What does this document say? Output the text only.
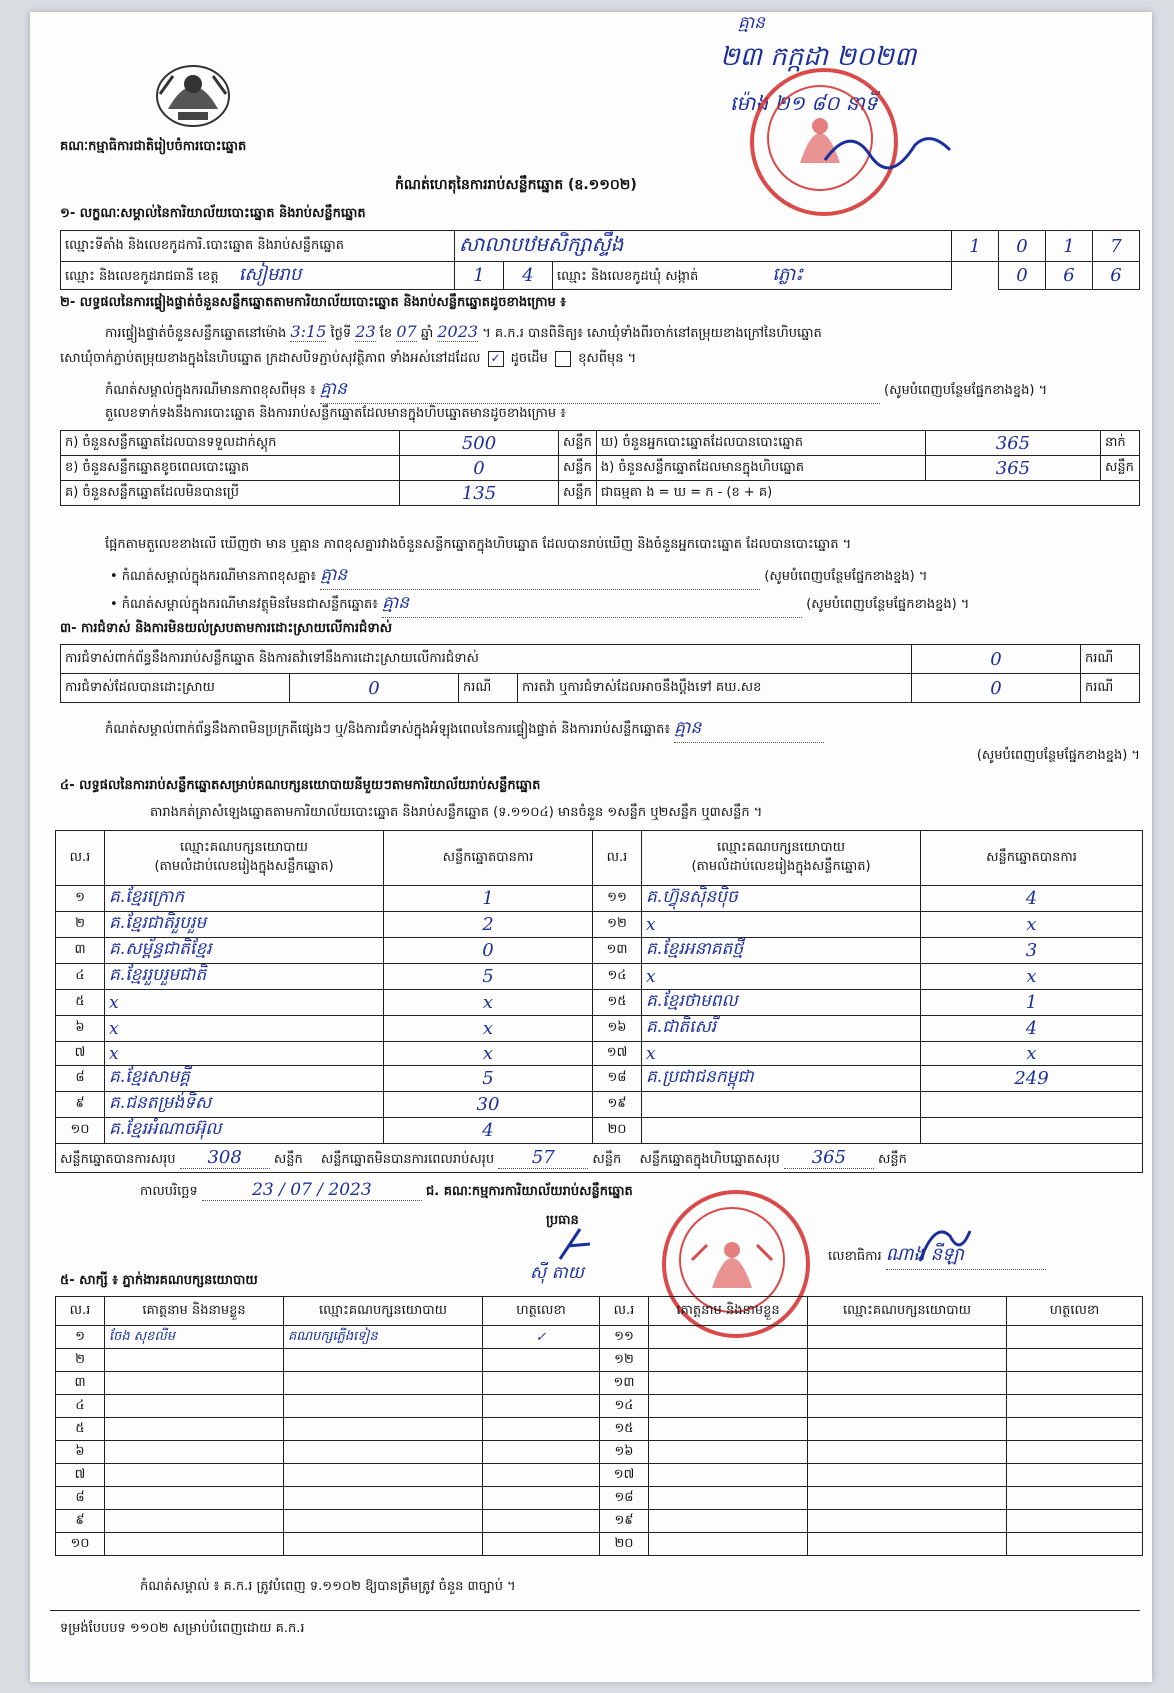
គណៈកម្មាធិការជាតិរៀបចំការបោះឆ្នោត
គ្មាន
២៣ កក្កដា ២០២៣
ម៉ោង ២១ ៨០ នាទី
កំណត់ហេតុនៃការរាប់សន្លឹកឆ្នោត (ឧ.១១០២)
១- លក្ខណៈសម្គាល់នៃការិយាល័យបោះឆ្នោត និងរាប់សន្លឹកឆ្នោត
ឈ្មោះទីតាំង និងលេខកូដការិ.បោះឆ្នោត និងរាប់សន្លឹកឆ្នោត	សាលាបឋមសិក្សាស្ទឹង			1	0	1	7
ឈ្មោះ និងលេខកូដរាជធានី ខេត្ត សៀមរាប	1	4	ឈ្មោះ និងលេខកូដឃុំ សង្កាត់ ភ្លោះ		0	6	6
២- លទ្ធផលនៃការផ្ទៀងផ្ទាត់ចំនួនសន្លឹកឆ្នោតតាមការិយាល័យបោះឆ្នោត និងរាប់សន្លឹកឆ្នោតដូចខាងក្រោម ៖
ការផ្ទៀងផ្ទាត់ចំនួនសន្លឹកឆ្នោតនៅម៉ោង 3:15 ថ្ងៃទី 23 ខែ 07 ឆ្នាំ 2023 ។ គ.ក.រ បានពិនិត្យ៖ សោឃុំទាំងពីរចាក់នៅតម្រុយខាងក្រៅនៃហិបឆ្នោត
សោឃុំចាក់ភ្ជាប់តម្រុយខាងក្នុងនៃហិបឆ្នោត ក្រដាសបិទភ្ជាប់សុវត្ថិភាព ទាំងអស់នៅដដែល ✓ ដូចដើម ខុសពីមុន ។
កំណត់សម្គាល់ក្នុងករណីមានភាពខុសពីមុន ៖ គ្មាន	(សូមបំពេញបន្ថែមផ្នែកខាងខ្នង) ។
តួលេខទាក់ទងនឹងការបោះឆ្នោត និងការរាប់សន្លឹកឆ្នោតដែលមានក្នុងហិបឆ្នោតមានដូចខាងក្រោម ៖
ក) ចំនួនសន្លឹកឆ្នោតដែលបានទទួលដាក់ស្តុក	500	សន្លឹក	ឃ) ចំនួនអ្នកបោះឆ្នោតដែលបានបោះឆ្នោត	365	នាក់
ខ) ចំនួនសន្លឹកឆ្នោតខូចពេលបោះឆ្នោត	0	សន្លឹក	ង) ចំនួនសន្លឹកឆ្នោតដែលមានក្នុងហិបឆ្នោត	365	សន្លឹក
គ) ចំនួនសន្លឹកឆ្នោតដែលមិនបានប្រើ	135	សន្លឹក	ជាធម្មតា ង = ឃ = ក - (ខ + គ)		
ផ្អែកតាមតួលេខខាងលើ ឃើញថា មាន ឬគ្មាន ភាពខុសគ្នារវាងចំនួនសន្លឹកឆ្នោតក្នុងហិបឆ្នោត ដែលបានរាប់ឃើញ និងចំនួនអ្នកបោះឆ្នោត ដែលបានបោះឆ្នោត ។
• កំណត់សម្គាល់ក្នុងករណីមានភាពខុសគ្នា៖ គ្មាន	(សូមបំពេញបន្ថែមផ្នែកខាងខ្នង) ។
• កំណត់សម្គាល់ក្នុងករណីមានវត្ថុមិនមែនជាសន្លឹកឆ្នោត៖ គ្មាន	(សូមបំពេញបន្ថែមផ្នែកខាងខ្នង) ។
៣- ការជំទាស់ និងការមិនយល់ស្របតាមការដោះស្រាយលើការជំទាស់
ការជំទាស់ពាក់ព័ន្ធនឹងការរាប់សន្លឹកឆ្នោត និងការតវ៉ាទៅនឹងការដោះស្រាយលើការជំទាស់				0	ករណី
ការជំទាស់ដែលបានដោះស្រាយ	0	ករណី	ការតវ៉ា ឬការជំទាស់ដែលអាចនឹងប្តឹងទៅ គឃ.សខ	0	ករណី
កំណត់សម្គាល់ពាក់ព័ន្ធនឹងភាពមិនប្រក្រតីផ្សេងៗ ឬ/និងការជំទាស់ក្នុងអំឡុងពេលនៃការផ្ទៀងផ្ទាត់ និងការរាប់សន្លឹកឆ្នោត៖ គ្មាន
(សូមបំពេញបន្ថែមផ្នែកខាងខ្នង) ។
៤- លទ្ធផលនៃការរាប់សន្លឹកឆ្នោតសម្រាប់គណបក្សនយោបាយនីមួយៗតាមការិយាល័យរាប់សន្លឹកឆ្នោត
តារាងកត់ត្រាសំឡេងឆ្នោតតាមការិយាល័យបោះឆ្នោត និងរាប់សន្លឹកឆ្នោត (ទ.១១០៤) មានចំនួន ១សន្លឹក ឬ២សន្លឹក ឬ៣សន្លឹក ។
ល.រ	ឈ្មោះគណបក្សនយោបាយ
(តាមលំដាប់លេខរៀងក្នុងសន្លឹកឆ្នោត)	សន្លឹកឆ្នោតបានការ	ល.រ	ឈ្មោះគណបក្សនយោបាយ
(តាមលំដាប់លេខរៀងក្នុងសន្លឹកឆ្នោត)	សន្លឹកឆ្នោតបានការ
១	គ.ខ្មែរក្រោក	1	១១	គ.ហ៊្វុនស៊ិនប៉ិច	4
២	គ.ខ្មែរជាតិរួបរួម	2	១២	x	x
៣	គ.សម្ព័ន្ធជាតិខ្មែរ	0	១៣	គ.ខ្មែរអនាគតថ្មី	3
៤	គ.ខ្មែររួបរួមជាតិ	5	១៤	x	x
៥	x	x	១៥	គ.ខ្មែរថាមពល	1
៦	x	x	១៦	គ.ជាតិសេរី	4
៧	x	x	១៧	x	x
៨	គ.ខ្មែរសាមគ្គី	5	១៨	គ.ប្រជាជនកម្ពុជា	249
៩	គ.ជនតម្រង់ទិស	30	១៩		
១០	គ.ខ្មែរអំណាចអ៊ុល	4	២០		
សន្លឹកឆ្នោតបានការសរុប 308 សន្លឹក សន្លឹកឆ្នោតមិនបានការពេលរាប់សរុប 57 សន្លឹក សន្លឹកឆ្នោតក្នុងហិបឆ្នោតសរុប 365 សន្លឹក					
កាលបរិច្ឆេទ	23 / 07 / 2023	ជ. គណៈកម្មការការិយាល័យរាប់សន្លឹកឆ្នោត
ប្រធាន
ស៊ី តាយ
លេខាធិការ ណាង នីឡា
៥- សាក្សី ៖ ភ្នាក់ងារគណបក្សនយោបាយ
ល.រ	គោត្តនាម និងនាមខ្លួន	ឈ្មោះគណបក្សនយោបាយ	ហត្ថលេខា	ល.រ	គោត្តនាម និងនាមខ្លួន	ឈ្មោះគណបក្សនយោបាយ	ហត្ថលេខា
១	ចែង សុខលីម	គណបក្សភ្លើងទៀន	✓	១១			
២				១២			
៣				១៣			
៤				១៤			
៥				១៥			
៦				១៦			
៧				១៧			
៨				១៨			
៩				១៩			
១០				២០			
កំណត់សម្គាល់ ៖ គ.ក.រ ត្រូវបំពេញ ទ.១១០២ ឱ្យបានត្រឹមត្រូវ ចំនួន ៣ច្បាប់ ។
ទម្រង់បែបបទ ១១០២ សម្រាប់បំពេញដោយ គ.ក.រ
